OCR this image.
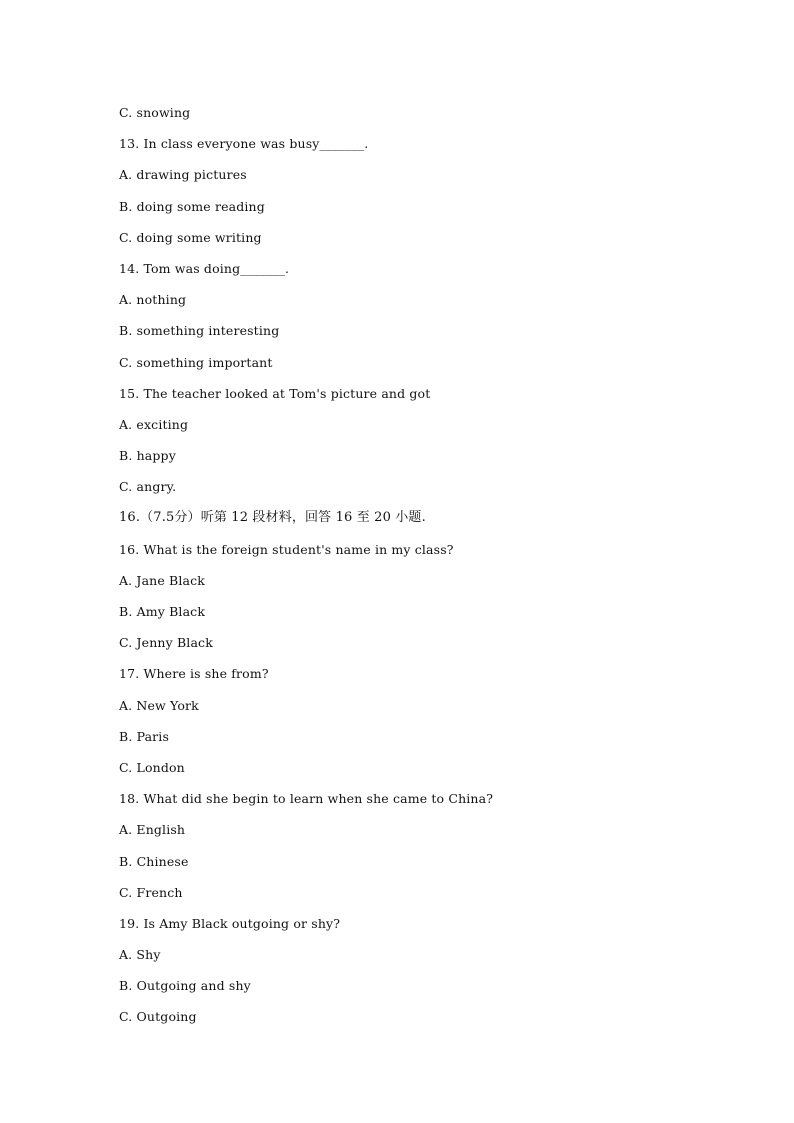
C. snowing
13. In class everyone was busy_______.
A. drawing pictures
B. doing some reading
C. doing some writing
14. Tom was doing_______.
A. nothing
B. something interesting
C. something important
15. The teacher looked at Tom's picture and got
A. exciting
B. happy
C. angry.
16.（7.5分）听第 12 段材料，回答 16 至 20 小题.
16. What is the foreign student's name in my class?
A. Jane Black
B. Amy Black
C. Jenny Black
17. Where is she from?
A. New York
B. Paris
C. London
18. What did she begin to learn when she came to China?
A. English
B. Chinese
C. French
19. Is Amy Black outgoing or shy?
A. Shy
B. Outgoing and shy
C. Outgoing
